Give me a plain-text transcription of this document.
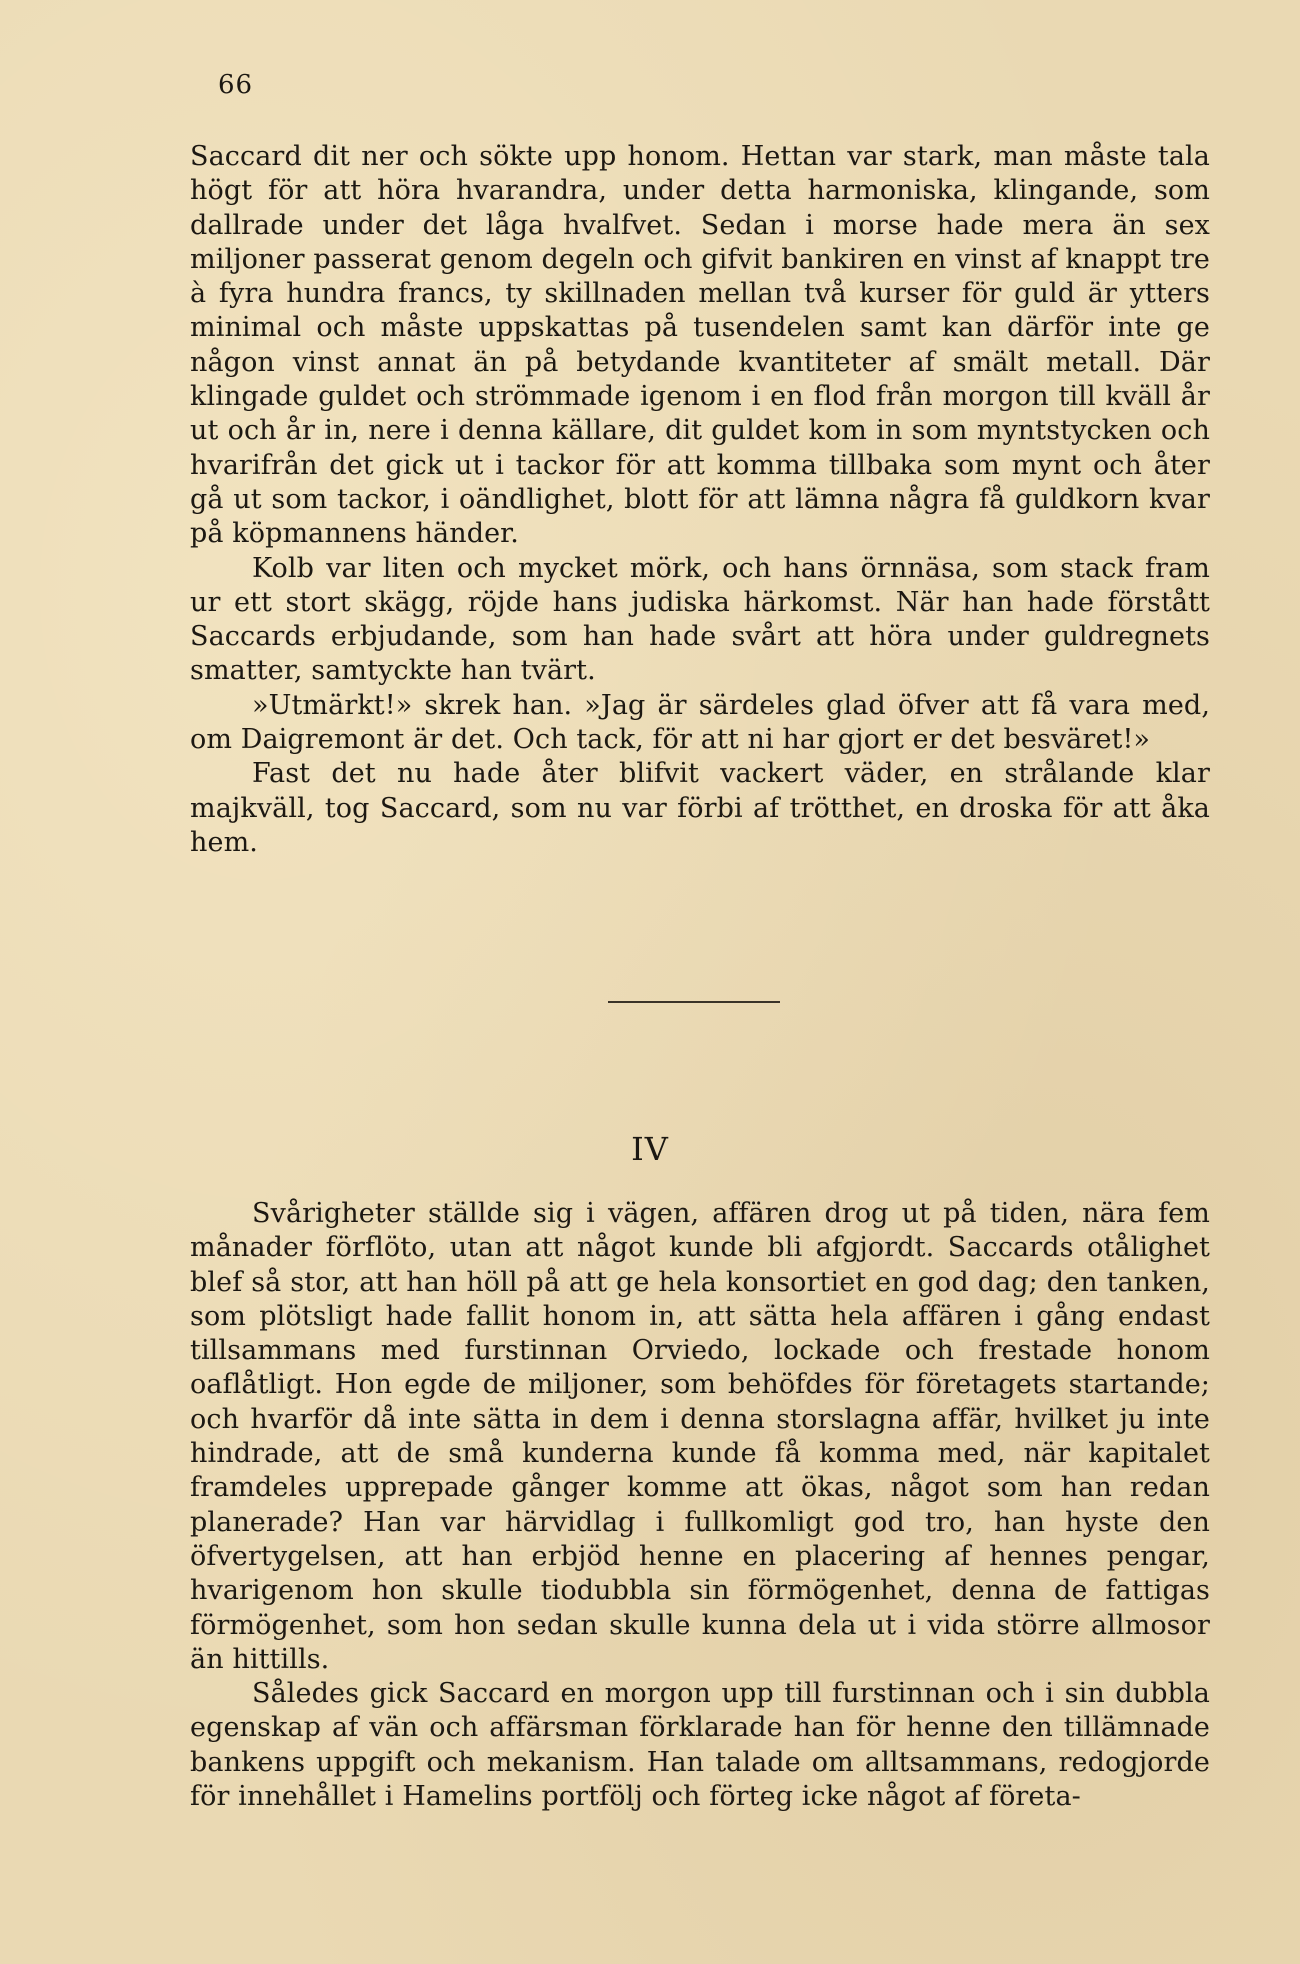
66

Saccard dit ner och sökte upp honom. Hettan var stark, man måste tala högt för att höra hvarandra, under detta harmoniska, klingande, som dallrade under det låga hvalfvet. Sedan i morse hade mera än sex miljoner passerat genom degeln och gifvit bankiren en vinst af knappt tre à fyra hundra francs, ty skillnaden mellan två kurser för guld är ytters minimal och måste uppskattas på tusendelen samt kan därför inte ge någon vinst annat än på betydande kvantiteter af smält metall. Där klingade guldet och strömmade igenom i en flod från morgon till kväll år ut och år in, nere i denna källare, dit guldet kom in som myntstycken och hvarifrån det gick ut i tackor för att komma tillbaka som mynt och åter gå ut som tackor, i oändlighet, blott för att lämna några få guldkorn kvar på köpmannens händer.

Kolb var liten och mycket mörk, och hans örnnäsa, som stack fram ur ett stort skägg, röjde hans judiska härkomst. När han hade förstått Saccards erbjudande, som han hade svårt att höra under guldregnets smatter, samtyckte han tvärt.

»Utmärkt!» skrek han. »Jag är särdeles glad öfver att få vara med, om Daigremont är det. Och tack, för att ni har gjort er det besväret!»

Fast det nu hade åter blifvit vackert väder, en strålande klar majkväll, tog Saccard, som nu var förbi af trötthet, en droska för att åka hem.

IV

Svårigheter ställde sig i vägen, affären drog ut på tiden, nära fem månader förflöto, utan att något kunde bli afgjordt. Saccards otålighet blef så stor, att han höll på att ge hela konsortiet en god dag; den tanken, som plötsligt hade fallit honom in, att sätta hela affären i gång endast tillsammans med furstinnan Orviedo, lockade och frestade honom oaflåtligt. Hon egde de miljoner, som behöfdes för företagets startande; och hvarför då inte sätta in dem i denna storslagna affär, hvilket ju inte hindrade, att de små kunderna kunde få komma med, när kapitalet framdeles upprepade gånger komme att ökas, något som han redan planerade? Han var härvidlag i fullkomligt god tro, han hyste den öfvertygelsen, att han erbjöd henne en placering af hennes pengar, hvarigenom hon skulle tiodubbla sin förmögenhet, denna de fattigas förmögenhet, som hon sedan skulle kunna dela ut i vida större allmosor än hittills.

Således gick Saccard en morgon upp till furstinnan och i sin dubbla egenskap af vän och affärsman förklarade han för henne den tillämnade bankens uppgift och mekanism. Han talade om alltsammans, redogjorde för innehållet i Hamelins portfölj och förteg icke något af företa-
